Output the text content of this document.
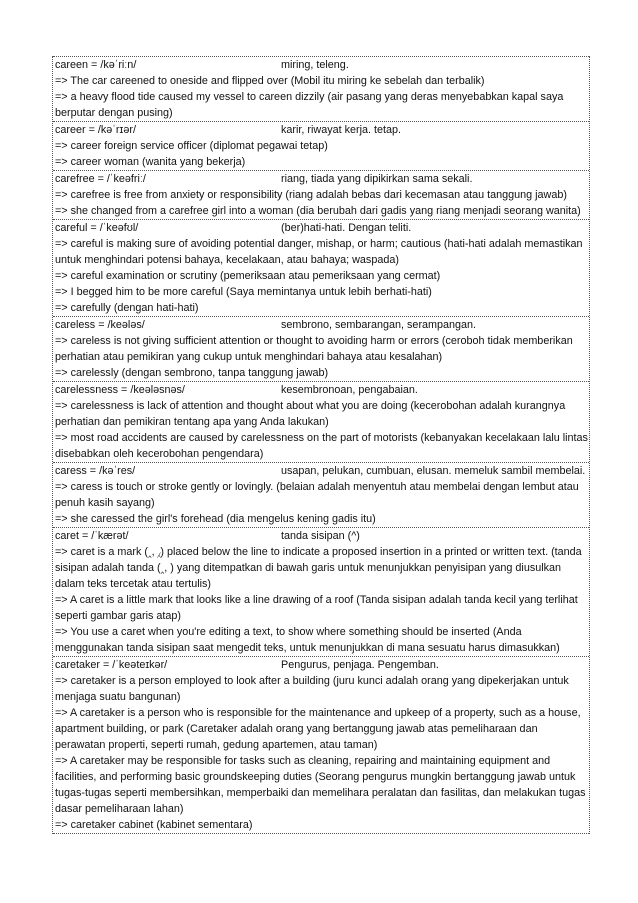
careen = /kəˈriːn/	miring, teleng.
=> The car careened to oneside and flipped over (Mobil itu miring ke sebelah dan terbalik)
=> a heavy flood tide caused my vessel to careen dizzily (air pasang yang deras menyebabkan kapal saya berputar dengan pusing)
career = /kəˈrɪər/	karir, riwayat kerja. tetap.
=> career foreign service officer (diplomat pegawai tetap)
=> career woman (wanita yang bekerja)
carefree = /ˈkeəfriː/	riang, tiada yang dipikirkan sama sekali.
=> carefree is free from anxiety or responsibility (riang adalah bebas dari kecemasan atau tanggung jawab)
=> she changed from a carefree girl into a woman (dia berubah dari gadis yang riang menjadi seorang wanita)
careful = /ˈkeəfʊl/	(ber)hati-hati. Dengan teliti.
=> careful is making sure of avoiding potential danger, mishap, or harm; cautious (hati-hati adalah memastikan untuk menghindari potensi bahaya, kecelakaan, atau bahaya; waspada)
=> careful examination or scrutiny (pemeriksaan atau pemeriksaan yang cermat)
=> I begged him to be more careful (Saya memintanya untuk lebih berhati-hati)
=> carefully (dengan hati-hati)
careless = /keələs/	sembrono, sembarangan, serampangan.
=> careless is not giving sufficient attention or thought to avoiding harm or errors (ceroboh tidak memberikan perhatian atau pemikiran yang cukup untuk menghindari bahaya atau kesalahan)
=> carelessly (dengan sembrono, tanpa tanggung jawab)
carelessness = /keələsnəs/	kesembronoan, pengabaian.
=> carelessness is lack of attention and thought about what you are doing (kecerobohan adalah kurangnya perhatian dan pemikiran tentang apa yang Anda lakukan)
=> most road accidents are caused by carelessness on the part of motorists (kebanyakan kecelakaan lalu lintas disebabkan oleh kecerobohan pengendara)
caress = /kəˈres/	usapan, pelukan, cumbuan, elusan. memeluk sambil membelai.
=> caress is touch or stroke gently or lovingly. (belaian adalah menyentuh atau membelai dengan lembut atau penuh kasih sayang)
=> she caressed the girl's forehead (dia mengelus kening gadis itu)
caret = /ˈkærət/	tanda sisipan (^)
=> caret is a mark (‸, ⁁) placed below the line to indicate a proposed insertion in a printed or written text. (tanda sisipan adalah tanda (‸, ) yang ditempatkan di bawah garis untuk menunjukkan penyisipan yang diusulkan dalam teks tercetak atau tertulis)
=> A caret is a little mark that looks like a line drawing of a roof (Tanda sisipan adalah tanda kecil yang terlihat seperti gambar garis atap)
=> You use a caret when you're editing a text, to show where something should be inserted (Anda menggunakan tanda sisipan saat mengedit teks, untuk menunjukkan di mana sesuatu harus dimasukkan)
caretaker = /ˈkeəteɪkər/	Pengurus, penjaga. Pengemban.
=> caretaker is a person employed to look after a building (juru kunci adalah orang yang dipekerjakan untuk menjaga suatu bangunan)
=> A caretaker is a person who is responsible for the maintenance and upkeep of a property, such as a house, apartment building, or park (Caretaker adalah orang yang bertanggung jawab atas pemeliharaan dan perawatan properti, seperti rumah, gedung apartemen, atau taman)
=> A caretaker may be responsible for tasks such as cleaning, repairing and maintaining equipment and facilities, and performing basic groundskeeping duties (Seorang pengurus mungkin bertanggung jawab untuk tugas-tugas seperti membersihkan, memperbaiki dan memelihara peralatan dan fasilitas, dan melakukan tugas dasar pemeliharaan lahan)
=> caretaker cabinet (kabinet sementara)
